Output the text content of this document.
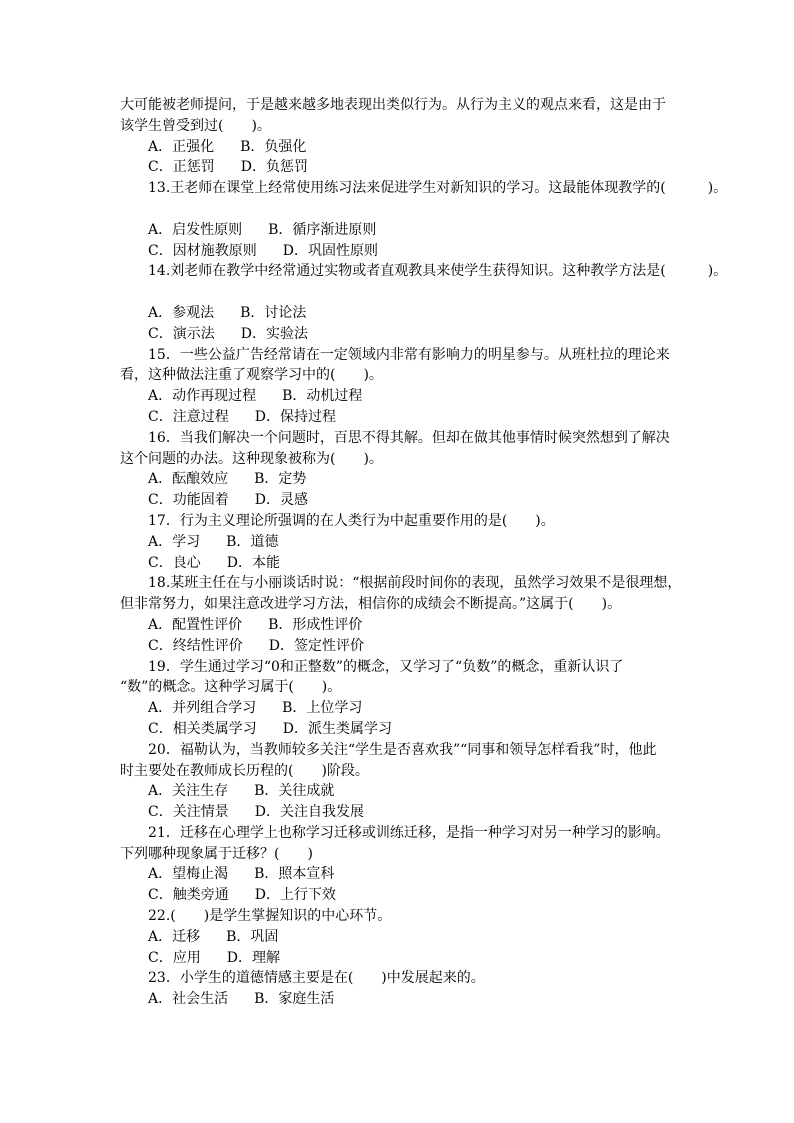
大可能被老师提问，于是越来越多地表现出类似行为。从行为主义的观点来看，这是由于
该学生曾受到过(　　)。
A．正强化 B．负强化
C．正惩罚 D．负惩罚
13.王老师在课堂上经常使用练习法来促进学生对新知识的学习。这最能体现教学的(　　　)。
A．启发性原则 B．循序渐进原则
C．因材施教原则 D．巩固性原则
14.刘老师在教学中经常通过实物或者直观教具来使学生获得知识。这种教学方法是(　　　)。
A．参观法 B．讨论法
C．演示法 D．实验法
15．一些公益广告经常请在一定领域内非常有影响力的明星参与。从班杜拉的理论来
看，这种做法注重了观察学习中的(　　)。
A．动作再现过程 B．动机过程
C．注意过程 D．保持过程
16．当我们解决一个问题时，百思不得其解。但却在做其他事情时候突然想到了解决
这个问题的办法。这种现象被称为(　　)。
A．酝酿效应 B．定势
C．功能固着 D．灵感
17．行为主义理论所强调的在人类行为中起重要作用的是(　　)。
A．学习 B．道德
C．良心 D．本能
18.某班主任在与小丽谈话时说：“根据前段时间你的表现，虽然学习效果不是很理想，
但非常努力，如果注意改进学习方法，相信你的成绩会不断提高。”这属于(　　)。
A．配置性评价 B．形成性评价
C．终结性评价 D．签定性评价
19．学生通过学习“0和正整数”的概念，又学习了“负数”的概念，重新认识了
“数”的概念。这种学习属于(　　)。
A．并列组合学习 B．上位学习
C．相关类属学习 D．派生类属学习
20．福勒认为，当教师较多关注“学生是否喜欢我”“同事和领导怎样看我”时，他此
时主要处在教师成长历程的(　　)阶段。
A．关注生存 B．关往成就
C．关注情景 D．关注自我发展
21．迁移在心理学上也称学习迁移或训练迁移，是指一种学习对另一种学习的影响。
下列哪种现象属于迁移？(　　)
A．望梅止渴 B．照本宣科
C．触类旁通 D．上行下效
22.(　　)是学生掌握知识的中心环节。
A．迁移 B．巩固
C．应用 D．理解
23．小学生的道德情感主要是在(　　)中发展起来的。
A．社会生活 B．家庭生活
